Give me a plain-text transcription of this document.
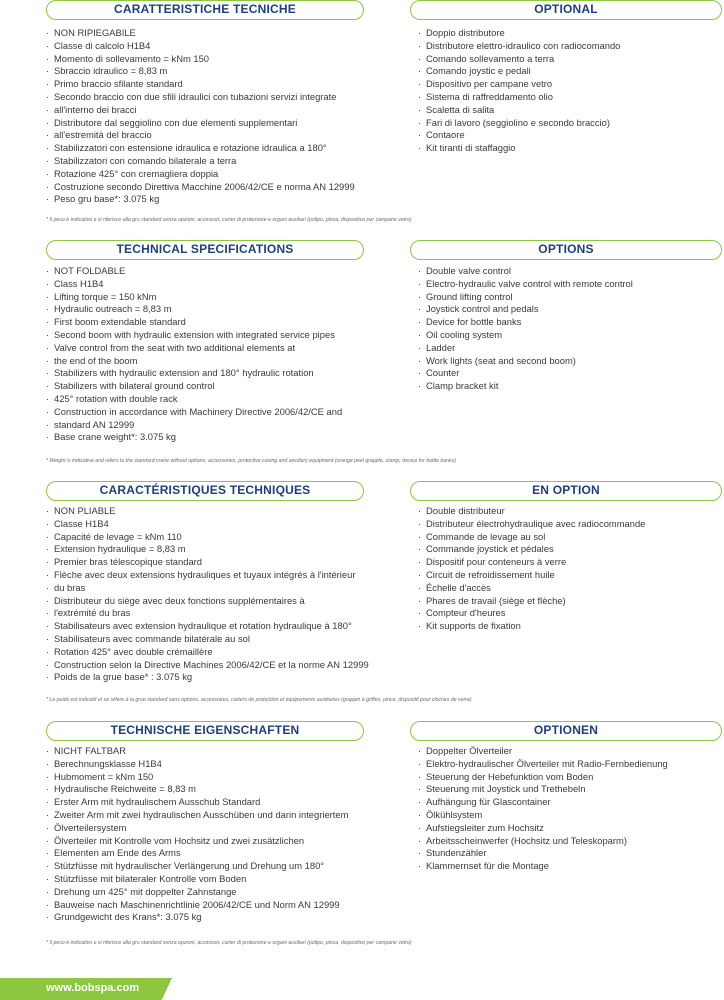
CARATTERISTICHE TECNICHE	OPTIONAL
· NON RIPIEGABILE
· Classe di calcolo H1B4
· Momento di sollevamento = kNm 150
· Sbraccio idraulico = 8,83 m
· Primo braccio sfilante standard
· Secondo braccio con due sfili idraulici con tubazioni servizi integrate
· all'interno dei bracci
· Distributore dal seggiolino con due elementi supplementari
· all'estremità del braccio
· Stabilizzatori con estensione idraulica e rotazione idraulica a 180°
· Stabilizzatori con comando bilaterale a terra
· Rotazione 425° con cremagliera doppia
· Costruzione secondo Direttiva Macchine 2006/42/CE e norma AN 12999
· Peso gru base*: 3.075 kg
· Doppio distributore
· Distributore elettro-idraulico con radiocomando
· Comando sollevamento a terra
· Comando joystic e pedali
· Dispositivo per campane vetro
· Sistema di raffreddamento olio
· Scaletta di salita
· Fari di lavoro (seggiolino e secondo braccio)
· Contaore
· Kit tiranti di staffaggio
* Il peso è indicativo e si riferisce alla gru standard senza opzioni, accessori, carter di protezione e organi ausiliari (polipo, pinza, dispositivo per campane vetro)
TECHNICAL SPECIFICATIONS	OPTIONS
· NOT FOLDABLE
· Class H1B4
· Lifting torque = 150 kNm
· Hydraulic outreach = 8,83 m
· First boom extendable standard
· Second boom with hydraulic extension with integrated service pipes
· Valve control from the seat with two additional elements at
· the end of the boom
· Stabilizers with hydraulic extension and 180° hydraulic rotation
· Stabilizers with bilateral ground control
· 425° rotation with double rack
· Construction in accordance with Machinery Directive 2006/42/CE and
· standard AN 12999
· Base crane weight*: 3.075 kg
· Double valve control
· Electro-hydraulic valve control with remote control
· Ground lifting control
· Joystick control and pedals
· Device for bottle banks
· Oil cooling system
· Ladder
· Work lights (seat and second boom)
· Counter
· Clamp bracket kit
* Weight is indicative and refers to the standard crane without options, accessories, protective casing and ancillary equipment (orange peel grapple, clamp, device for bottle banks)
CARACTÉRISTIQUES TECHNIQUES	EN OPTION
· NON PLIABLE
· Classe H1B4
· Capacité de levage = kNm 110
· Extension hydraulique = 8,83 m
· Premier bras télescopique standard
· Flèche avec deux extensions hydrauliques et tuyaux intégrés à l'intérieur
· du bras
· Distributeur du siège avec deux fonctions supplémentaires à
· l'extrémité du bras
· Stabilisateurs avec extension hydraulique et rotation hydraulique à 180°
· Stabilisateurs avec commande bilatérale au sol
· Rotation 425° avec double crémaillère
· Construction selon la Directive Machines 2006/42/CE et la norme AN 12999
· Poids de la grue base* : 3.075 kg
· Double distributeur
· Distributeur électrohydraulique avec radiocommande
· Commande de levage au sol
· Commande joystick et pédales
· Dispositif pour conteneurs à verre
· Circuit de refroidissement huile
· Échelle d'accès
· Phares de travail (siège et flèche)
· Compteur d'heures
· Kit supports de fixation
* Le poids est indicatif et se réfère à la grue standard sans options, accessoires, carters de protection et équipements auxiliaires (grappin à griffes, pince, dispositif pour cloches de verre)
TECHNISCHE EIGENSCHAFTEN	OPTIONEN
· NICHT FALTBAR
· Berechnungsklasse H1B4
· Hubmoment = kNm 150
· Hydraulische Reichweite = 8,83 m
· Erster Arm mit hydraulischem Ausschub Standard
· Zweiter Arm mit zwei hydraulischen Ausschüben und darin integriertem
· Ölverteilersystem
· Ölverteiler mit Kontrolle vom Hochsitz und zwei zusätzlichen
· Elementen am Ende des Arms
· Stützfüsse mit hydraulischer Verlängerung und Drehung um 180°
· Stützfüsse mit bilateraler Kontrolle vom Boden
· Drehung um 425° mit doppelter Zahnstange
· Bauweise nach Maschinenrichtlinie 2006/42/CE und Norm AN 12999
· Grundgewicht des Krans*: 3.075 kg
· Doppelter Ölverteiler
· Elektro-hydraulischer Ölverteiler mit Radio-Fernbedienung
· Steuerung der Hebefunktion vom Boden
· Steuerung mit Joystick und Trethebeln
· Aufhängung für Glascontainer
· Ölkühlsystem
· Aufstiegsleiter zum Hochsitz
· Arbeitsscheinwerfer (Hochsitz und Teleskoparm)
· Stundenzähler
· Klammernset für die Montage
* Il peso è indicativo e si riferisce alla gru standard senza opzioni, accessori, carter di protezione e organi ausiliari (polipo, pinza, dispositivo per campane vetro)
www.bobspa.com
